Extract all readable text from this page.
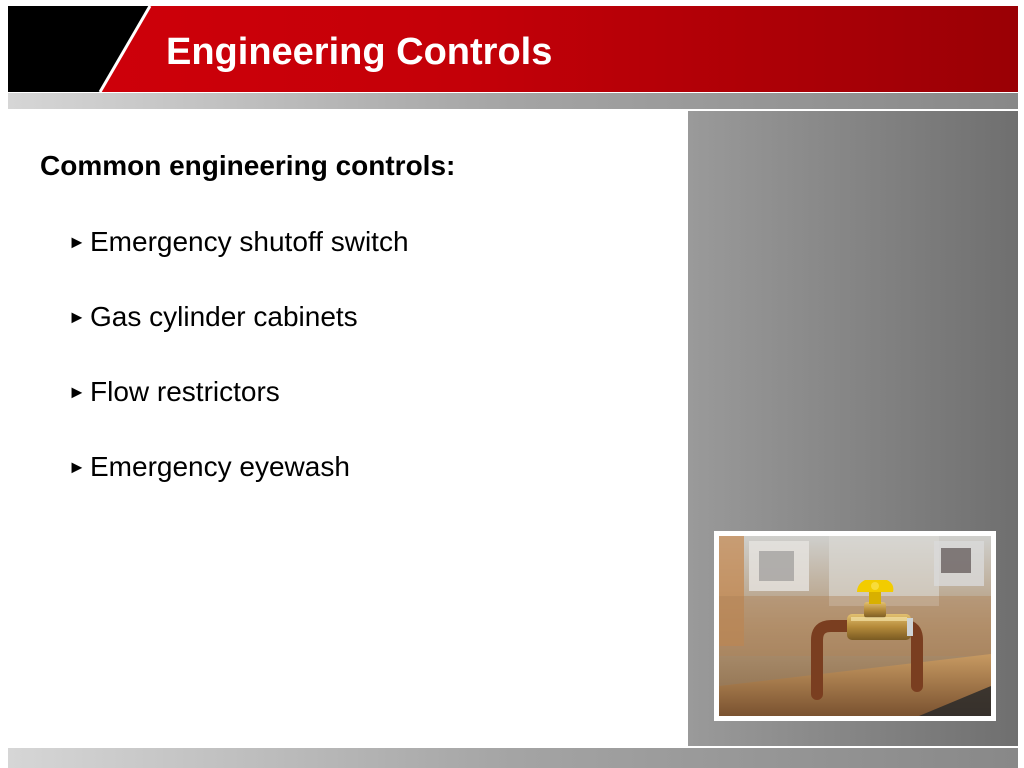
Engineering Controls
Common engineering controls:
► Emergency shutoff switch
► Gas cylinder cabinets
► Flow restrictors
► Emergency eyewash
